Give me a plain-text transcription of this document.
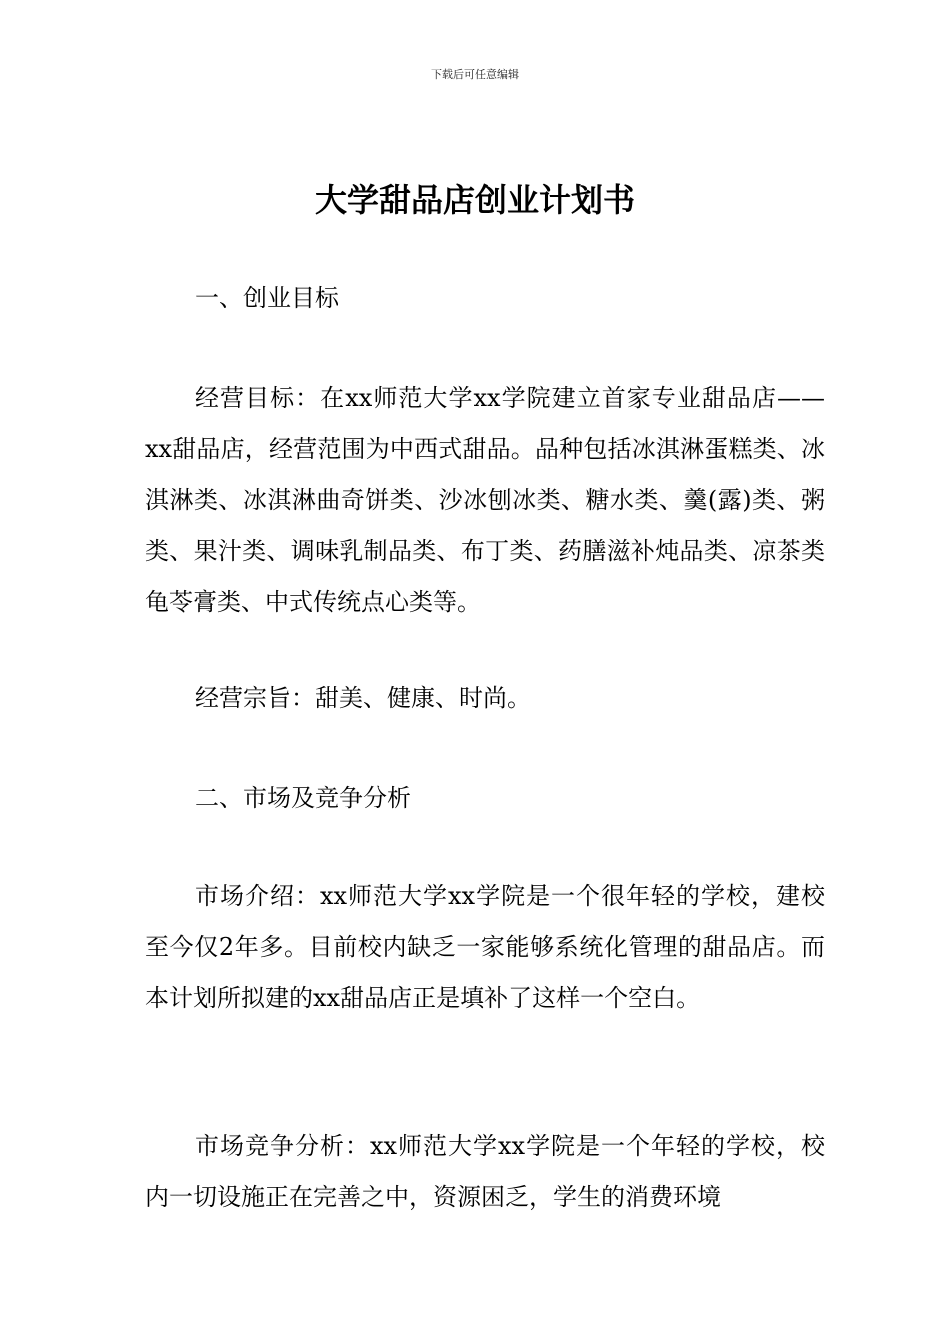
下载后可任意编辑
大学甜品店创业计划书

一、创业目标

经营目标：在xx师范大学xx学院建立首家专业甜品店——xx甜品店，经营范围为中西式甜品。品种包括冰淇淋蛋糕类、冰淇淋类、冰淇淋曲奇饼类、沙冰刨冰类、糖水类、羹(露)类、粥类、果汁类、调味乳制品类、布丁类、药膳滋补炖品类、凉茶类龟苓膏类、中式传统点心类等。

经营宗旨：甜美、健康、时尚。

二、市场及竞争分析

市场介绍：xx师范大学xx学院是一个很年轻的学校，建校至今仅2年多。目前校内缺乏一家能够系统化管理的甜品店。而本计划所拟建的xx甜品店正是填补了这样一个空白。

市场竞争分析：xx师范大学xx学院是一个年轻的学校，校内一切设施正在完善之中，资源困乏，学生的消费环境
